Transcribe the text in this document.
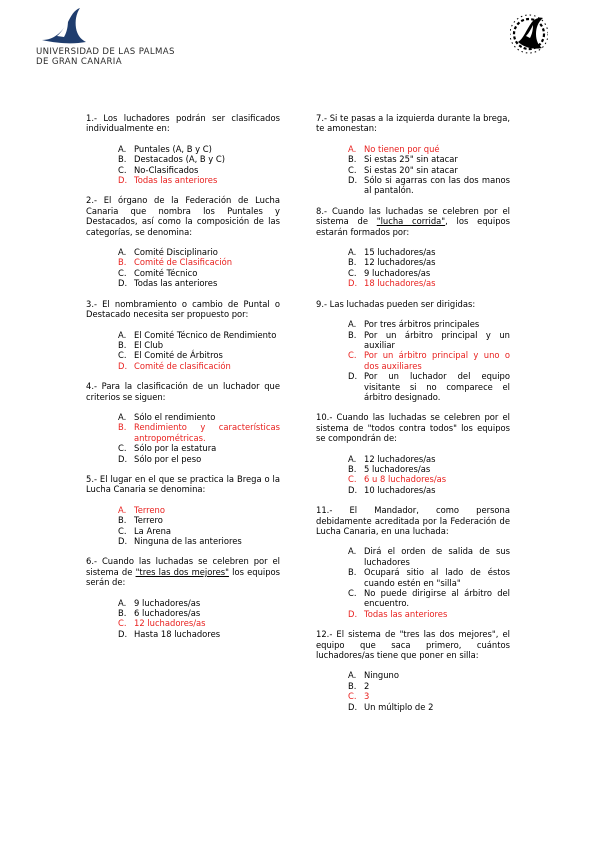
UNIVERSIDAD DE LAS PALMAS
DE GRAN CANARIA
1.- Los luchadores podrán ser clasificados individualmente en:
A. Puntales (A, B y C)
B. Destacados (A, B y C)
C. No-Clasificados
D. Todas las anteriores
2.- El órgano de la Federación de Lucha Canaria que nombra los Puntales y Destacados, así como la composición de las categorías, se denomina:
A. Comité Disciplinario
B. Comité de Clasificación
C. Comité Técnico
D. Todas las anteriores
3.- El nombramiento o cambio de Puntal o Destacado necesita ser propuesto por:
A. El Comité Técnico de Rendimiento
B. El Club
C. El Comité de Árbitros
D. Comité de clasificación
4.- Para la clasificación de un luchador que criterios se siguen:
A. Sólo el rendimiento
B. Rendimiento y características antropométricas.
C. Sólo por la estatura
D. Sólo por el peso
5.- El lugar en el que se practica la Brega o la Lucha Canaria se denomina:
A. Terreno
B. Terrero
C. La Arena
D. Ninguna de las anteriores
6.- Cuando las luchadas se celebren por el sistema de "tres las dos mejores" los equipos serán de:
A. 9 luchadores/as
B. 6 luchadores/as
C. 12 luchadores/as
D. Hasta 18 luchadores
7.- Si te pasas a la izquierda durante la brega, te amonestan:
A. No tienen por qué
B. Si estas 25" sin atacar
C. Si estas 20" sin atacar
D. Sólo si agarras con las dos manos al pantalón.
8.- Cuando las luchadas se celebren por el sistema de "lucha corrida", los equipos estarán formados por:
A. 15 luchadores/as
B. 12 luchadores/as
C. 9 luchadores/as
D. 18 luchadores/as
9.- Las luchadas pueden ser dirigidas:
A. Por tres árbitros principales
B. Por un árbitro principal y un auxiliar
C. Por un árbitro principal y uno o dos auxiliares
D. Por un luchador del equipo visitante si no comparece el árbitro designado.
10.- Cuando las luchadas se celebren por el sistema de "todos contra todos" los equipos se compondrán de:
A. 12 luchadores/as
B. 5 luchadores/as
C. 6 u 8 luchadores/as
D. 10 luchadores/as
11.- El Mandador, como persona debidamente acreditada por la Federación de Lucha Canaria, en una luchada:
A. Dirá el orden de salida de sus luchadores
B. Ocupará sitio al lado de éstos cuando estén en "silla"
C. No puede dirigirse al árbitro del encuentro.
D. Todas las anteriores
12.- El sistema de "tres las dos mejores", el equipo que saca primero, cuántos luchadores/as tiene que poner en silla:
A. Ninguno
B. 2
C. 3
D. Un múltiplo de 2
